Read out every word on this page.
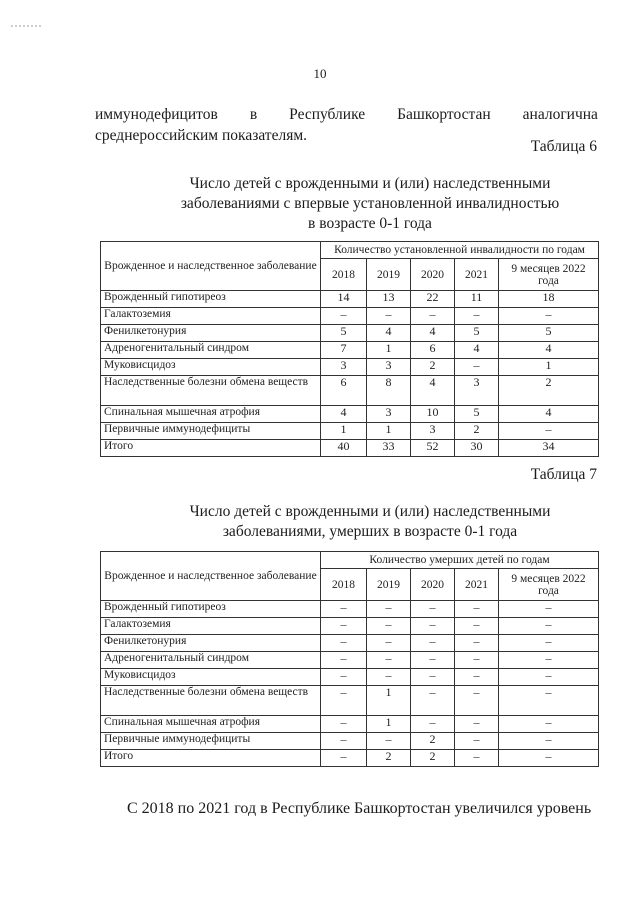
10
иммунодефицитов в Республике Башкортостан аналогична
среднероссийским показателям.
Таблица 6
Число детей с врожденными и (или) наследственными
заболеваниями с впервые установленной инвалидностью
в возрасте 0-1 года
Врожденное и наследственное заболевание	Количество установленной инвалидности по годам				
	2018	2019	2020	2021	9 месяцев 2022 года
Врожденный гипотиреоз	14	13	22	11	18
Галактоземия	–	–	–	–	–
Фенилкетонурия	5	4	4	5	5
Адреногенитальный синдром	7	1	6	4	4
Муковисцидоз	3	3	2	–	1
Наследственные болезни обмена веществ	6	8	4	3	2
Спинальная мышечная атрофия	4	3	10	5	4
Первичные иммунодефициты	1	1	3	2	–
Итого	40	33	52	30	34
Таблица 7
Число детей с врожденными и (или) наследственными
заболеваниями, умерших в возрасте 0-1 года
Врожденное и наследственное заболевание	Количество умерших детей по годам				
	2018	2019	2020	2021	9 месяцев 2022 года
Врожденный гипотиреоз	–	–	–	–	–
Галактоземия	–	–	–	–	–
Фенилкетонурия	–	–	–	–	–
Адреногенитальный синдром	–	–	–	–	–
Муковисцидоз	–	–	–	–	–
Наследственные болезни обмена веществ	–	1	–	–	–
Спинальная мышечная атрофия	–	1	–	–	–
Первичные иммунодефициты	–	–	2	–	–
Итого	–	2	2	–	–
С 2018 по 2021 год в Республике Башкортостан увеличился уровень
